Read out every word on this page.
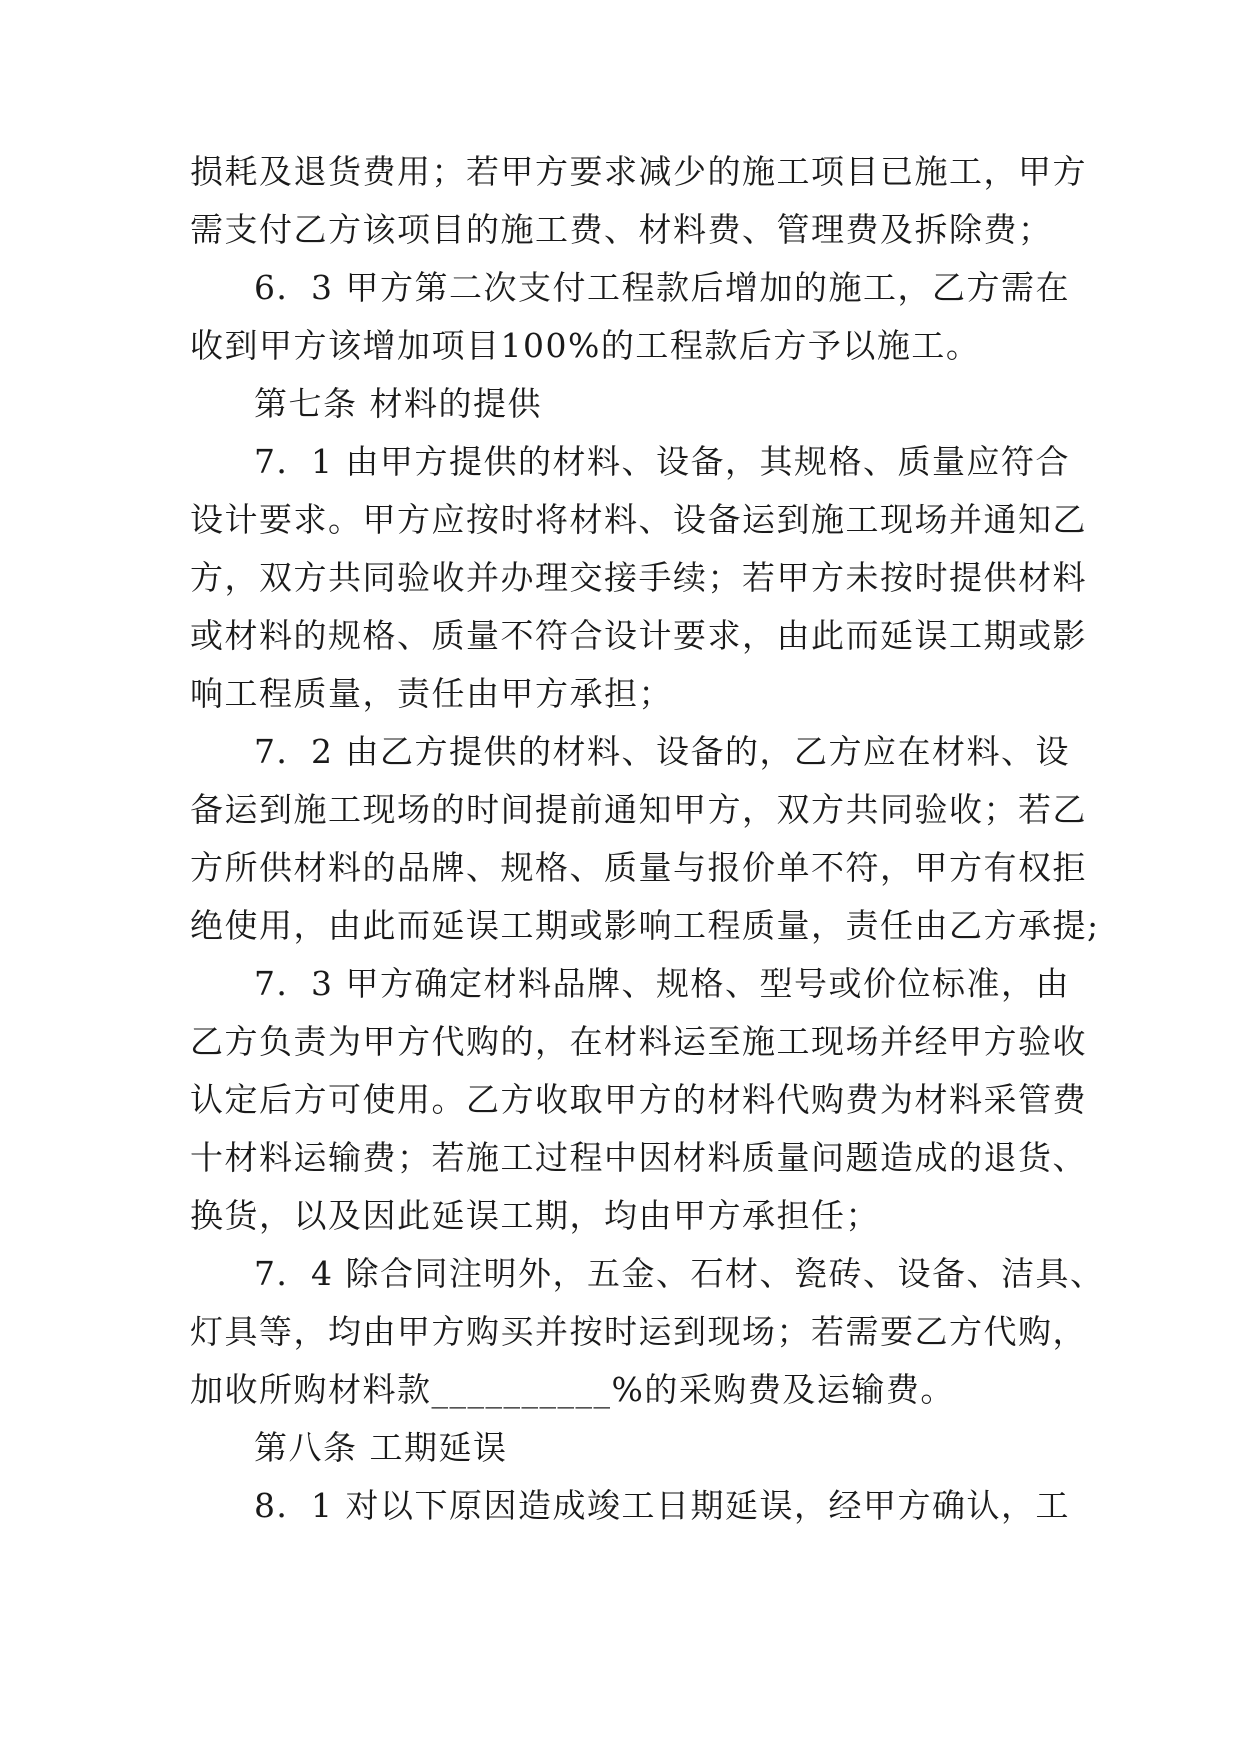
损耗及退货费用；若甲方要求减少的施工项目已施工，甲方
需支付乙方该项目的施工费、材料费、管理费及拆除费；
6．3 甲方第二次支付工程款后增加的施工，乙方需在
收到甲方该增加项目100%的工程款后方予以施工。
第七条 材料的提供
7．1 由甲方提供的材料、设备，其规格、质量应符合
设计要求。甲方应按时将材料、设备运到施工现场并通知乙
方，双方共同验收并办理交接手续；若甲方未按时提供材料
或材料的规格、质量不符合设计要求，由此而延误工期或影
响工程质量，责任由甲方承担；
7．2 由乙方提供的材料、设备的，乙方应在材料、设
备运到施工现场的时间提前通知甲方，双方共同验收；若乙
方所供材料的品牌、规格、质量与报价单不符，甲方有权拒
绝使用，由此而延误工期或影响工程质量，责任由乙方承提;
7．3 甲方确定材料品牌、规格、型号或价位标准，由
乙方负责为甲方代购的，在材料运至施工现场并经甲方验收
认定后方可使用。乙方收取甲方的材料代购费为材料采管费
十材料运输费；若施工过程中因材料质量问题造成的退货、
换货，以及因此延误工期，均由甲方承担任；
7．4 除合同注明外，五金、石材、瓷砖、设备、洁具、
灯具等，均由甲方购买并按时运到现场；若需要乙方代购，
加收所购材料款__________%的采购费及运输费。
第八条 工期延误
8．1 对以下原因造成竣工日期延误，经甲方确认，工
